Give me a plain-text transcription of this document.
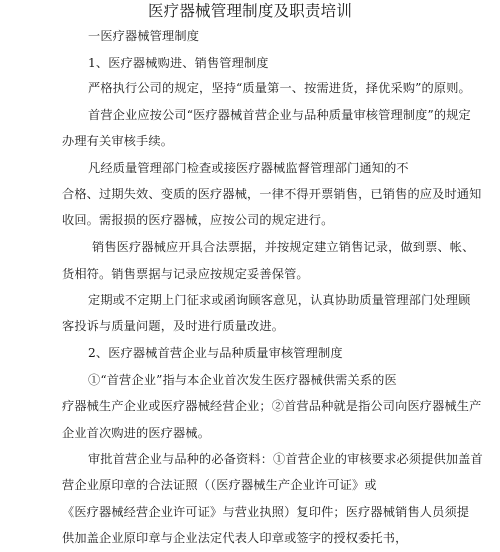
医疗器械管理制度及职责培训
一医疗器械管理制度
1、医疗器械购进、销售管理制度
严格执行公司的规定，坚持“质量第一、按需进货，择优采购”的原则。
首营企业应按公司“医疗器械首营企业与品种质量审核管理制度”的规定
办理有关审核手续。
凡经质量管理部门检查或接医疗器械监督管理部门通知的不
合格、过期失效、变质的医疗器械，一律不得开票销售，已销售的应及时通知
收回。需报损的医疗器械，应按公司的规定进行。
销售医疗器械应开具合法票据，并按规定建立销售记录，做到票、帐、
货相符。销售票据与记录应按规定妥善保管。
定期或不定期上门征求或函询顾客意见，认真协助质量管理部门处理顾
客投诉与质量问题，及时进行质量改进。
2、医疗器械首营企业与品种质量审核管理制度
①“首营企业”指与本企业首次发生医疗器械供需关系的医
疗器械生产企业或医疗器械经营企业；②首营品种就是指公司向医疗器械生产
企业首次购进的医疗器械。
审批首营企业与品种的必备资料：①首营企业的审核要求必须提供加盖首
营企业原印章的合法证照（（医疗器械生产企业许可证》或
《医疗器械经营企业许可证》与营业执照）复印件；医疗器械销售人员须提
供加盖企业原印章与企业法定代表人印章或签字的授权委托书，
